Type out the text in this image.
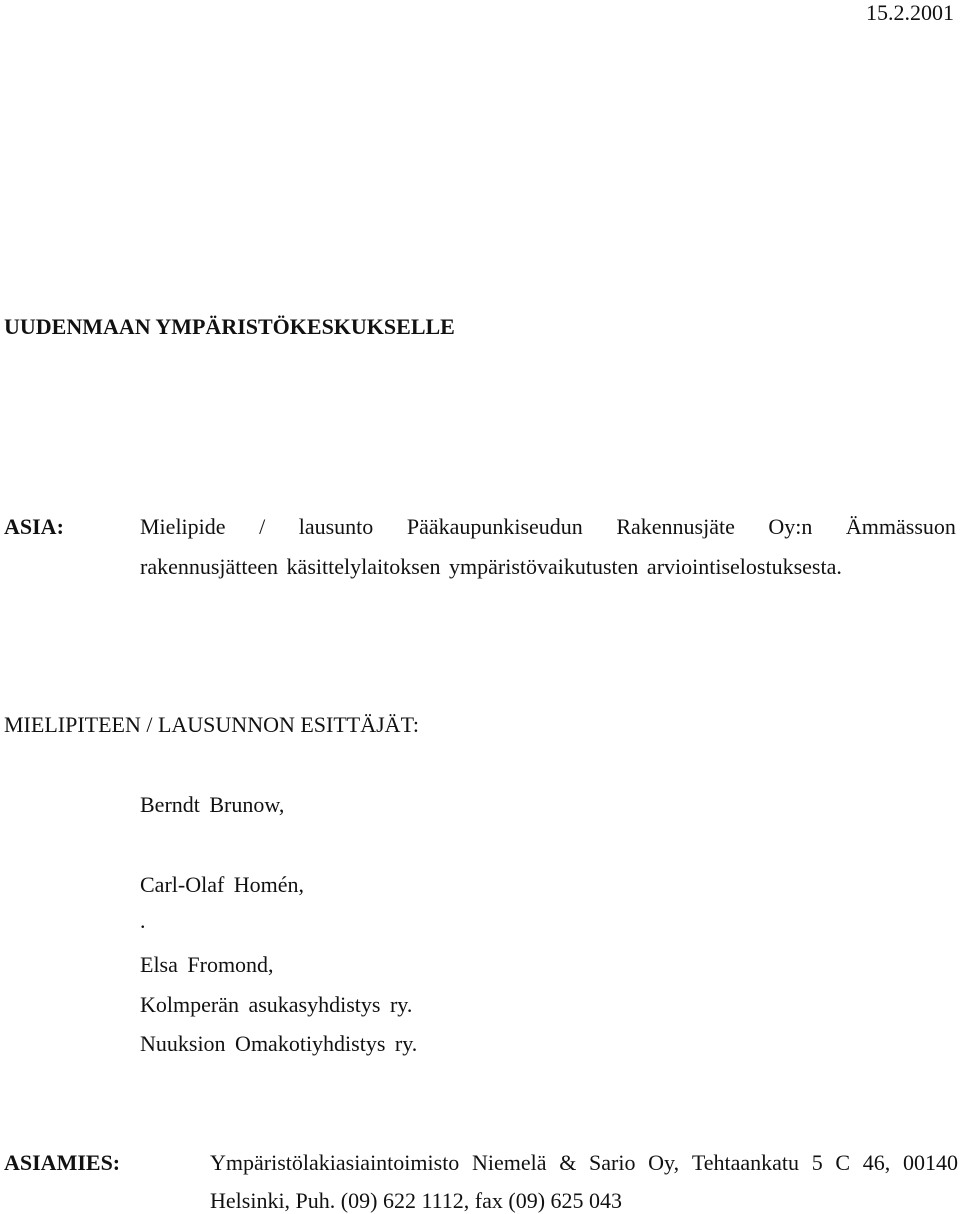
15.2.2001
UUDENMAAN YMPÄRISTÖKESKUKSELLE
ASIA:	Mielipide / lausunto Pääkaupunkiseudun Rakennusjäte Oy:n Ämmässuon
rakennusjätteen käsittelylaitoksen ympäristövaikutusten arviointiselostuksesta.
MIELIPITEEN / LAUSUNNON ESITTÄJÄT:
Berndt Brunow,
Carl-Olaf Homén,
.
Elsa Fromond,
Kolmperän asukasyhdistys ry.
Nuuksion Omakotiyhdistys ry.
ASIAMIES:	Ympäristölakiasiaintoimisto Niemelä & Sario Oy, Tehtaankatu 5 C 46, 00140
Helsinki, Puh. (09) 622 1112, fax (09) 625 043
